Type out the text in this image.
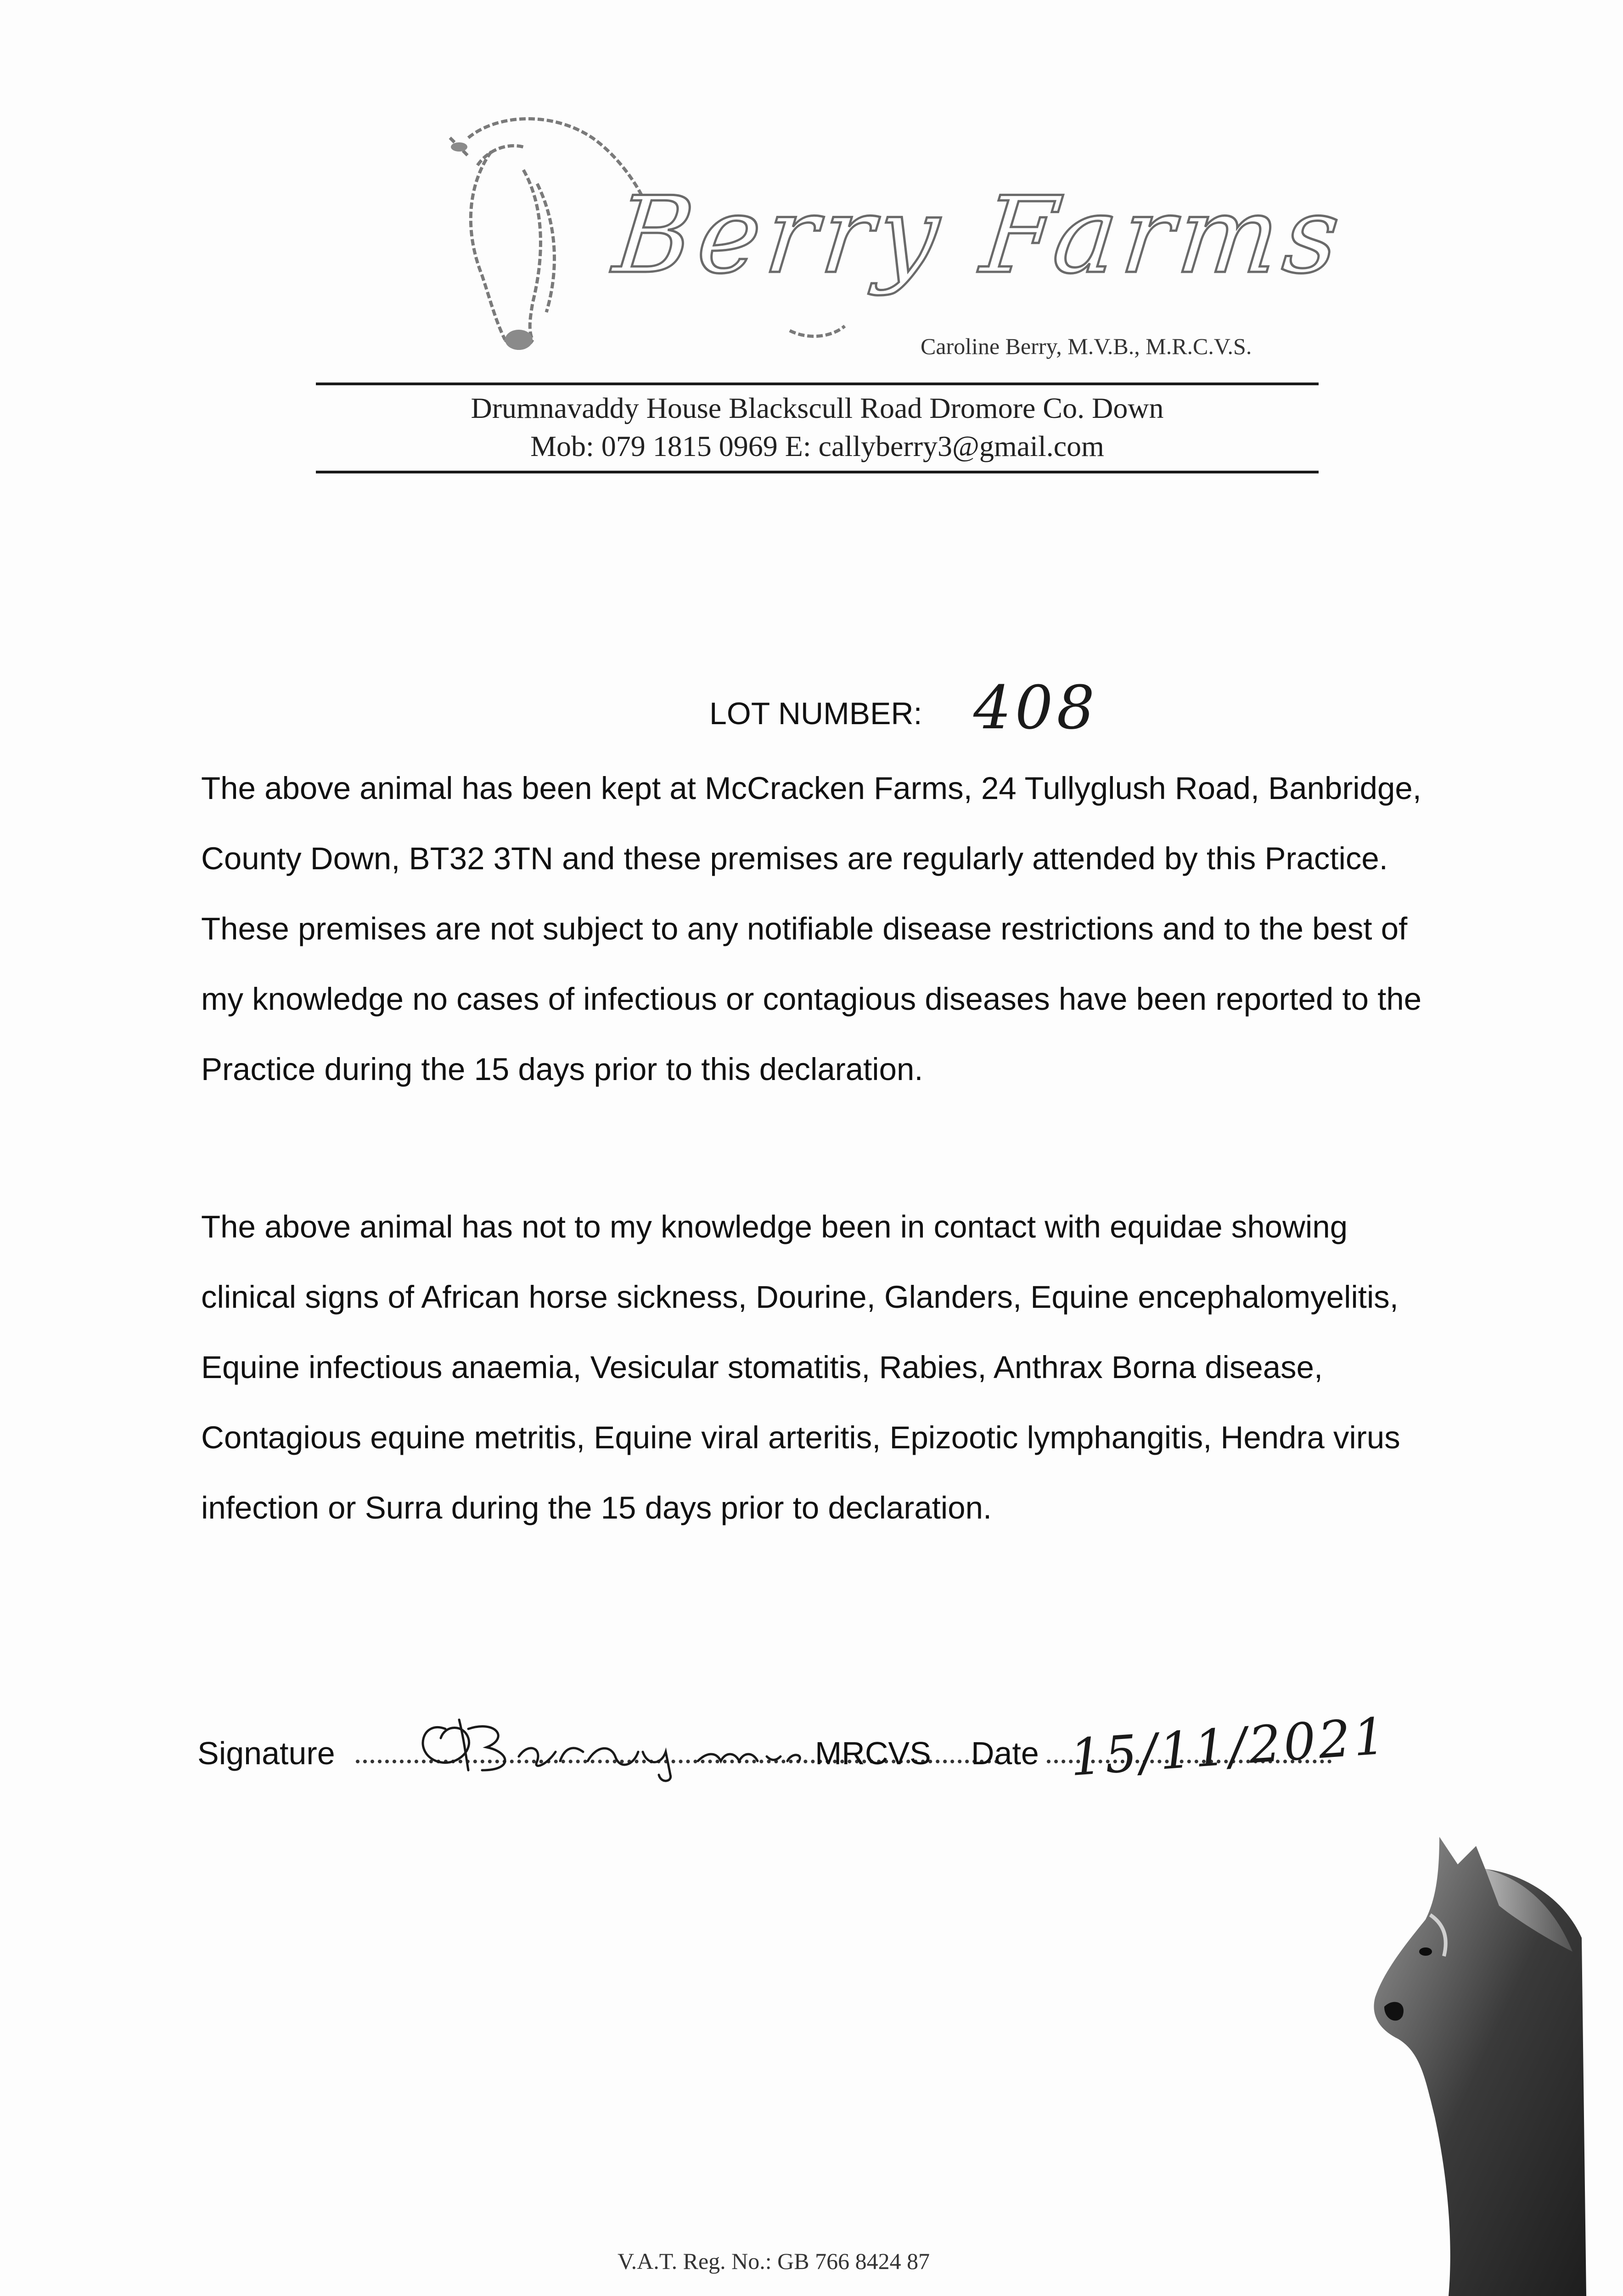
Berry Farms
Caroline Berry, M.V.B., M.R.C.V.S.
Drumnavaddy House Blackscull Road Dromore Co. Down
Mob: 079 1815 0969 E: callyberry3@gmail.com
LOT NUMBER: 408

The above animal has been kept at McCracken Farms, 24 Tullyglush Road, Banbridge, County Down, BT32 3TN and these premises are regularly attended by this Practice. These premises are not subject to any notifiable disease restrictions and to the best of my knowledge no cases of infectious or contagious diseases have been reported to the Practice during the 15 days prior to this declaration.

The above animal has not to my knowledge been in contact with equidae showing clinical signs of African horse sickness, Dourine, Glanders, Equine encephalomyelitis, Equine infectious anaemia, Vesicular stomatitis, Rabies, Anthrax Borna disease, Contagious equine metritis, Equine viral arteritis, Epizootic lymphangitis, Hendra virus infection or Surra during the 15 days prior to declaration.

Signature	MRCVS Date 15/11/2021
V.A.T. Reg. No.: GB 766 8424 87
